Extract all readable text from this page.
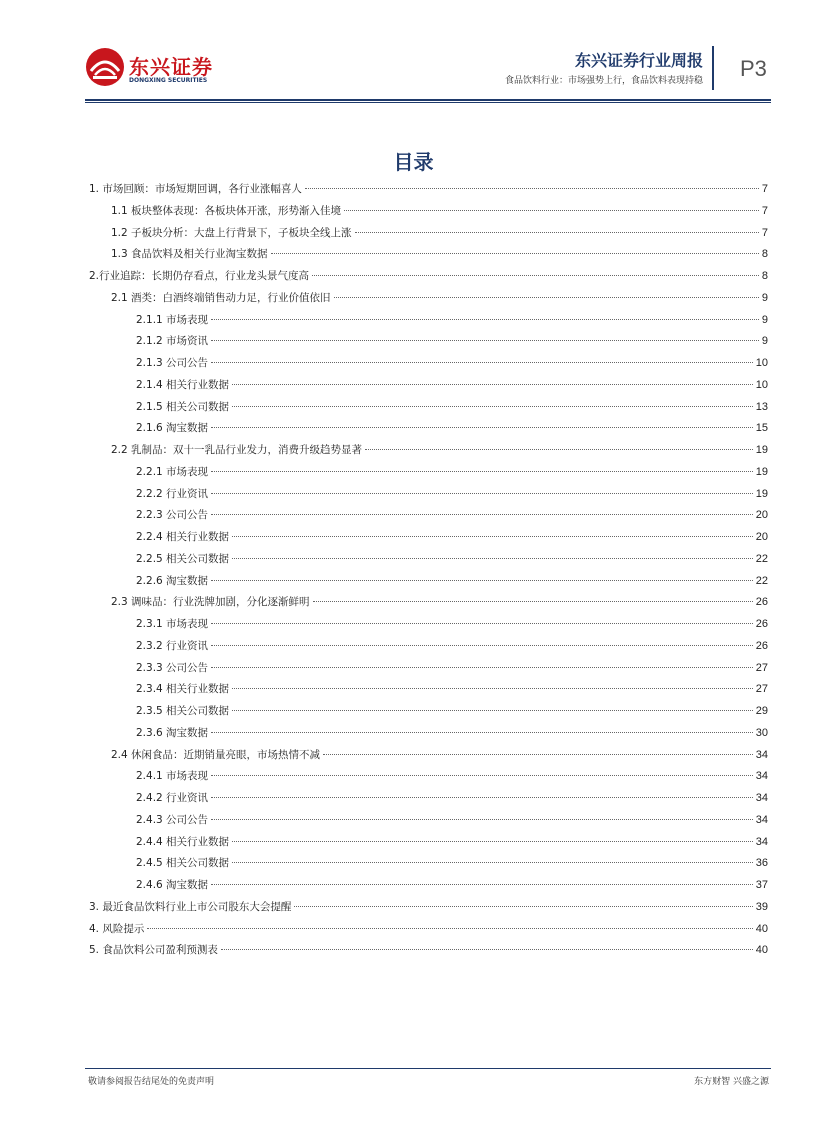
东兴证券
DONGXING SECURITIES
东兴证券行业周报
食品饮料行业：市场强势上行，食品饮料表现持稳 P3
目录
1. 市场回顾：市场短期回调，各行业涨幅喜人	7
1.1 板块整体表现：各板块体开涨，形势渐入佳境	7
1.2 子板块分析：大盘上行背景下，子板块全线上涨	7
1.3 食品饮料及相关行业淘宝数据	8
2.行业追踪：长期仍存看点，行业龙头景气度高	8
2.1 酒类：白酒终端销售动力足，行业价值依旧	9
2.1.1 市场表现	9
2.1.2 市场资讯	9
2.1.3 公司公告	10
2.1.4 相关行业数据	10
2.1.5 相关公司数据	13
2.1.6 淘宝数据	15
2.2 乳制品：双十一乳品行业发力，消费升级趋势显著	19
2.2.1 市场表现	19
2.2.2 行业资讯	19
2.2.3 公司公告	20
2.2.4 相关行业数据	20
2.2.5 相关公司数据	22
2.2.6 淘宝数据	22
2.3 调味品：行业洗牌加剧，分化逐渐鲜明	26
2.3.1 市场表现	26
2.3.2 行业资讯	26
2.3.3 公司公告	27
2.3.4 相关行业数据	27
2.3.5 相关公司数据	29
2.3.6 淘宝数据	30
2.4 休闲食品：近期销量亮眼，市场热情不减	34
2.4.1 市场表现	34
2.4.2 行业资讯	34
2.4.3 公司公告	34
2.4.4 相关行业数据	34
2.4.5 相关公司数据	36
2.4.6 淘宝数据	37
3. 最近食品饮料行业上市公司股东大会提醒	39
4. 风险提示	40
5. 食品饮料公司盈利预测表	40
敬请参阅报告结尾处的免责声明	东方财智 兴盛之源
